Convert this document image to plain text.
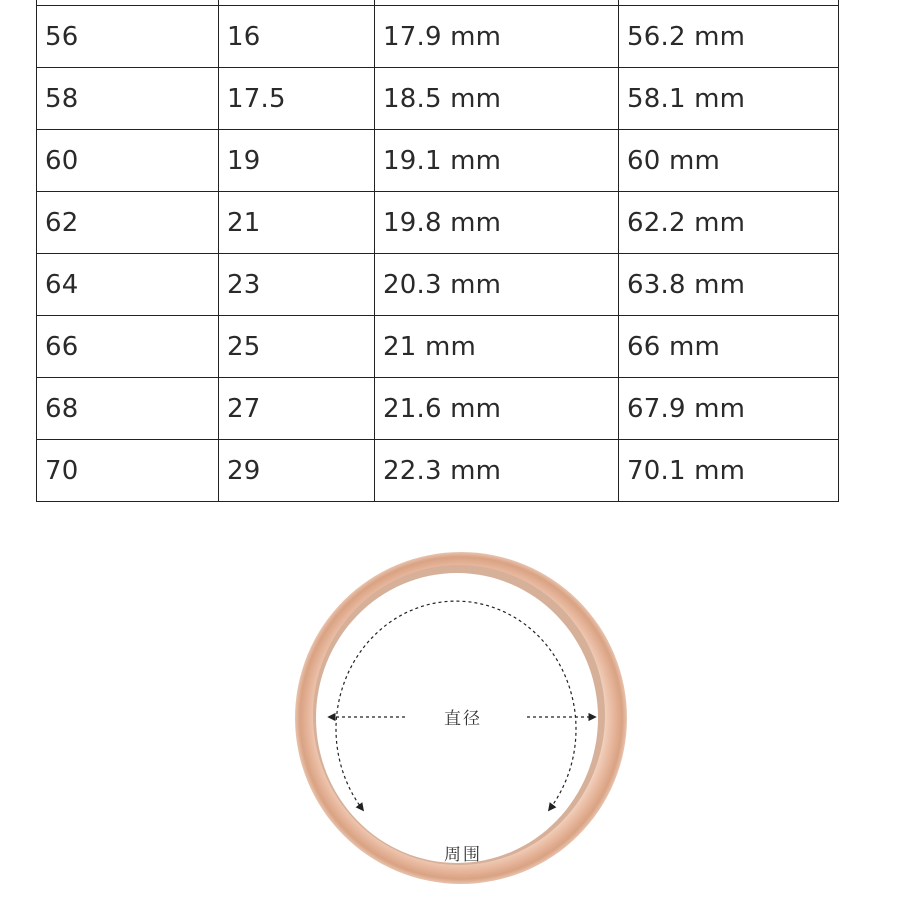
56	16	17.9 mm	56.2 mm
58	17.5	18.5 mm	58.1 mm
60	19	19.1 mm	60 mm
62	21	19.8 mm	62.2 mm
64	23	20.3 mm	63.8 mm
66	25	21 mm	66 mm
68	27	21.6 mm	67.9 mm
70	29	22.3 mm	70.1 mm
直径
周围
